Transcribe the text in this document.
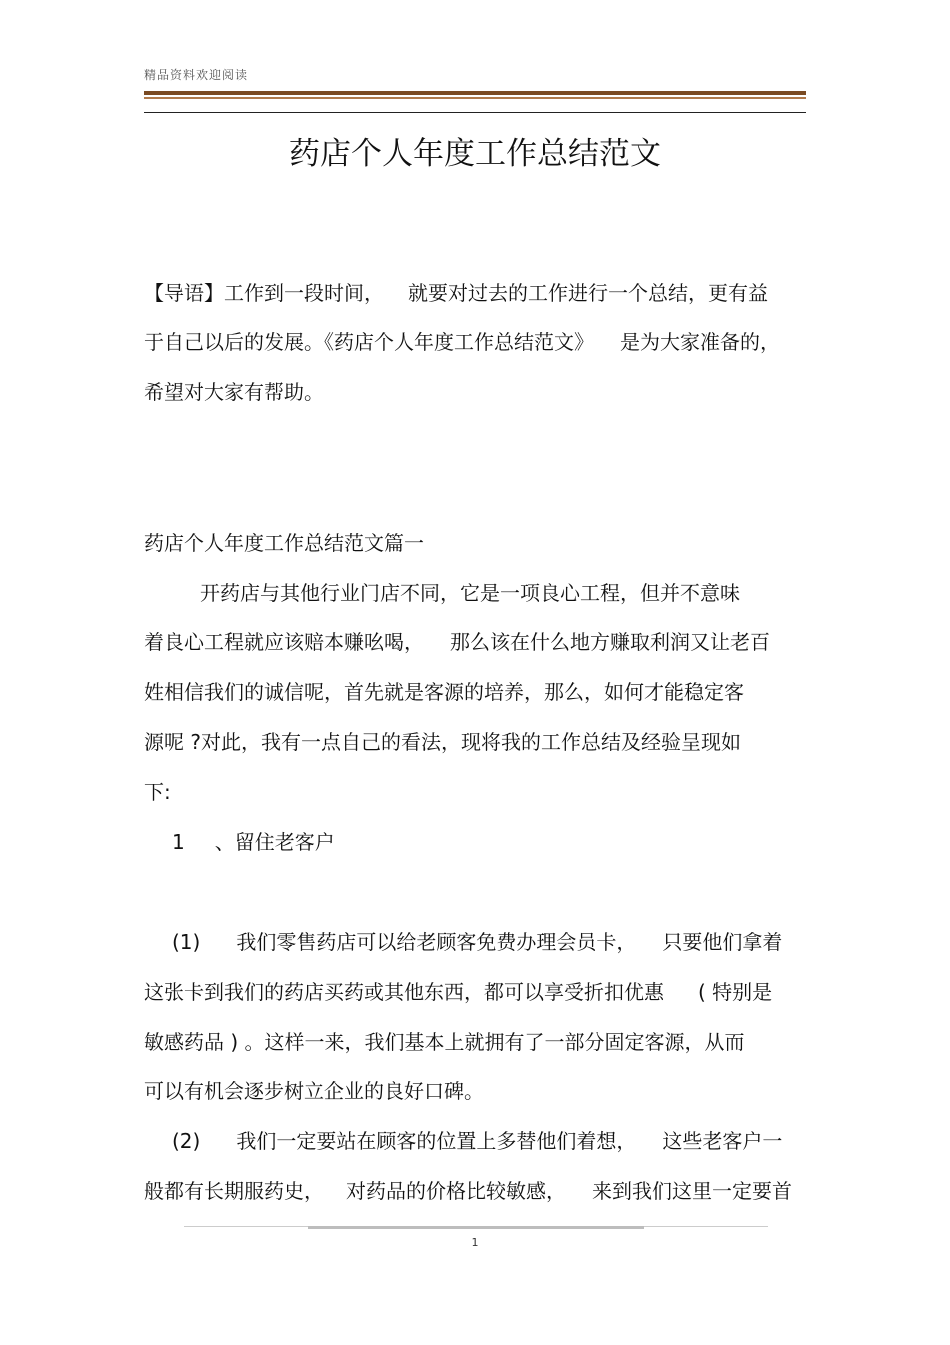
精品资料欢迎阅读
药店个人年度工作总结范文
【导语】工作到一段时间， 就要对过去的工作进行一个总结，更有益
于自己以后的发展。《药店个人年度工作总结范文》 是为大家准备的，
希望对大家有帮助。
药店个人年度工作总结范文篇一
开药店与其他行业门店不同，它是一项良心工程，但并不意味
着良心工程就应该赔本赚吆喝， 那么该在什么地方赚取利润又让老百
姓相信我们的诚信呢，首先就是客源的培养，那么，如何才能稳定客
源呢 ?对此，我有一点自己的看法，现将我的工作总结及经验呈现如
下:
1 、留住老客户
(1) 我们零售药店可以给老顾客免费办理会员卡， 只要他们拿着
这张卡到我们的药店买药或其他东西，都可以享受折扣优惠 ( 特别是
敏感药品 ) 。这样一来，我们基本上就拥有了一部分固定客源，从而
可以有机会逐步树立企业的良好口碑。
(2) 我们一定要站在顾客的位置上多替他们着想， 这些老客户一
般都有长期服药史， 对药品的价格比较敏感， 来到我们这里一定要首
1
